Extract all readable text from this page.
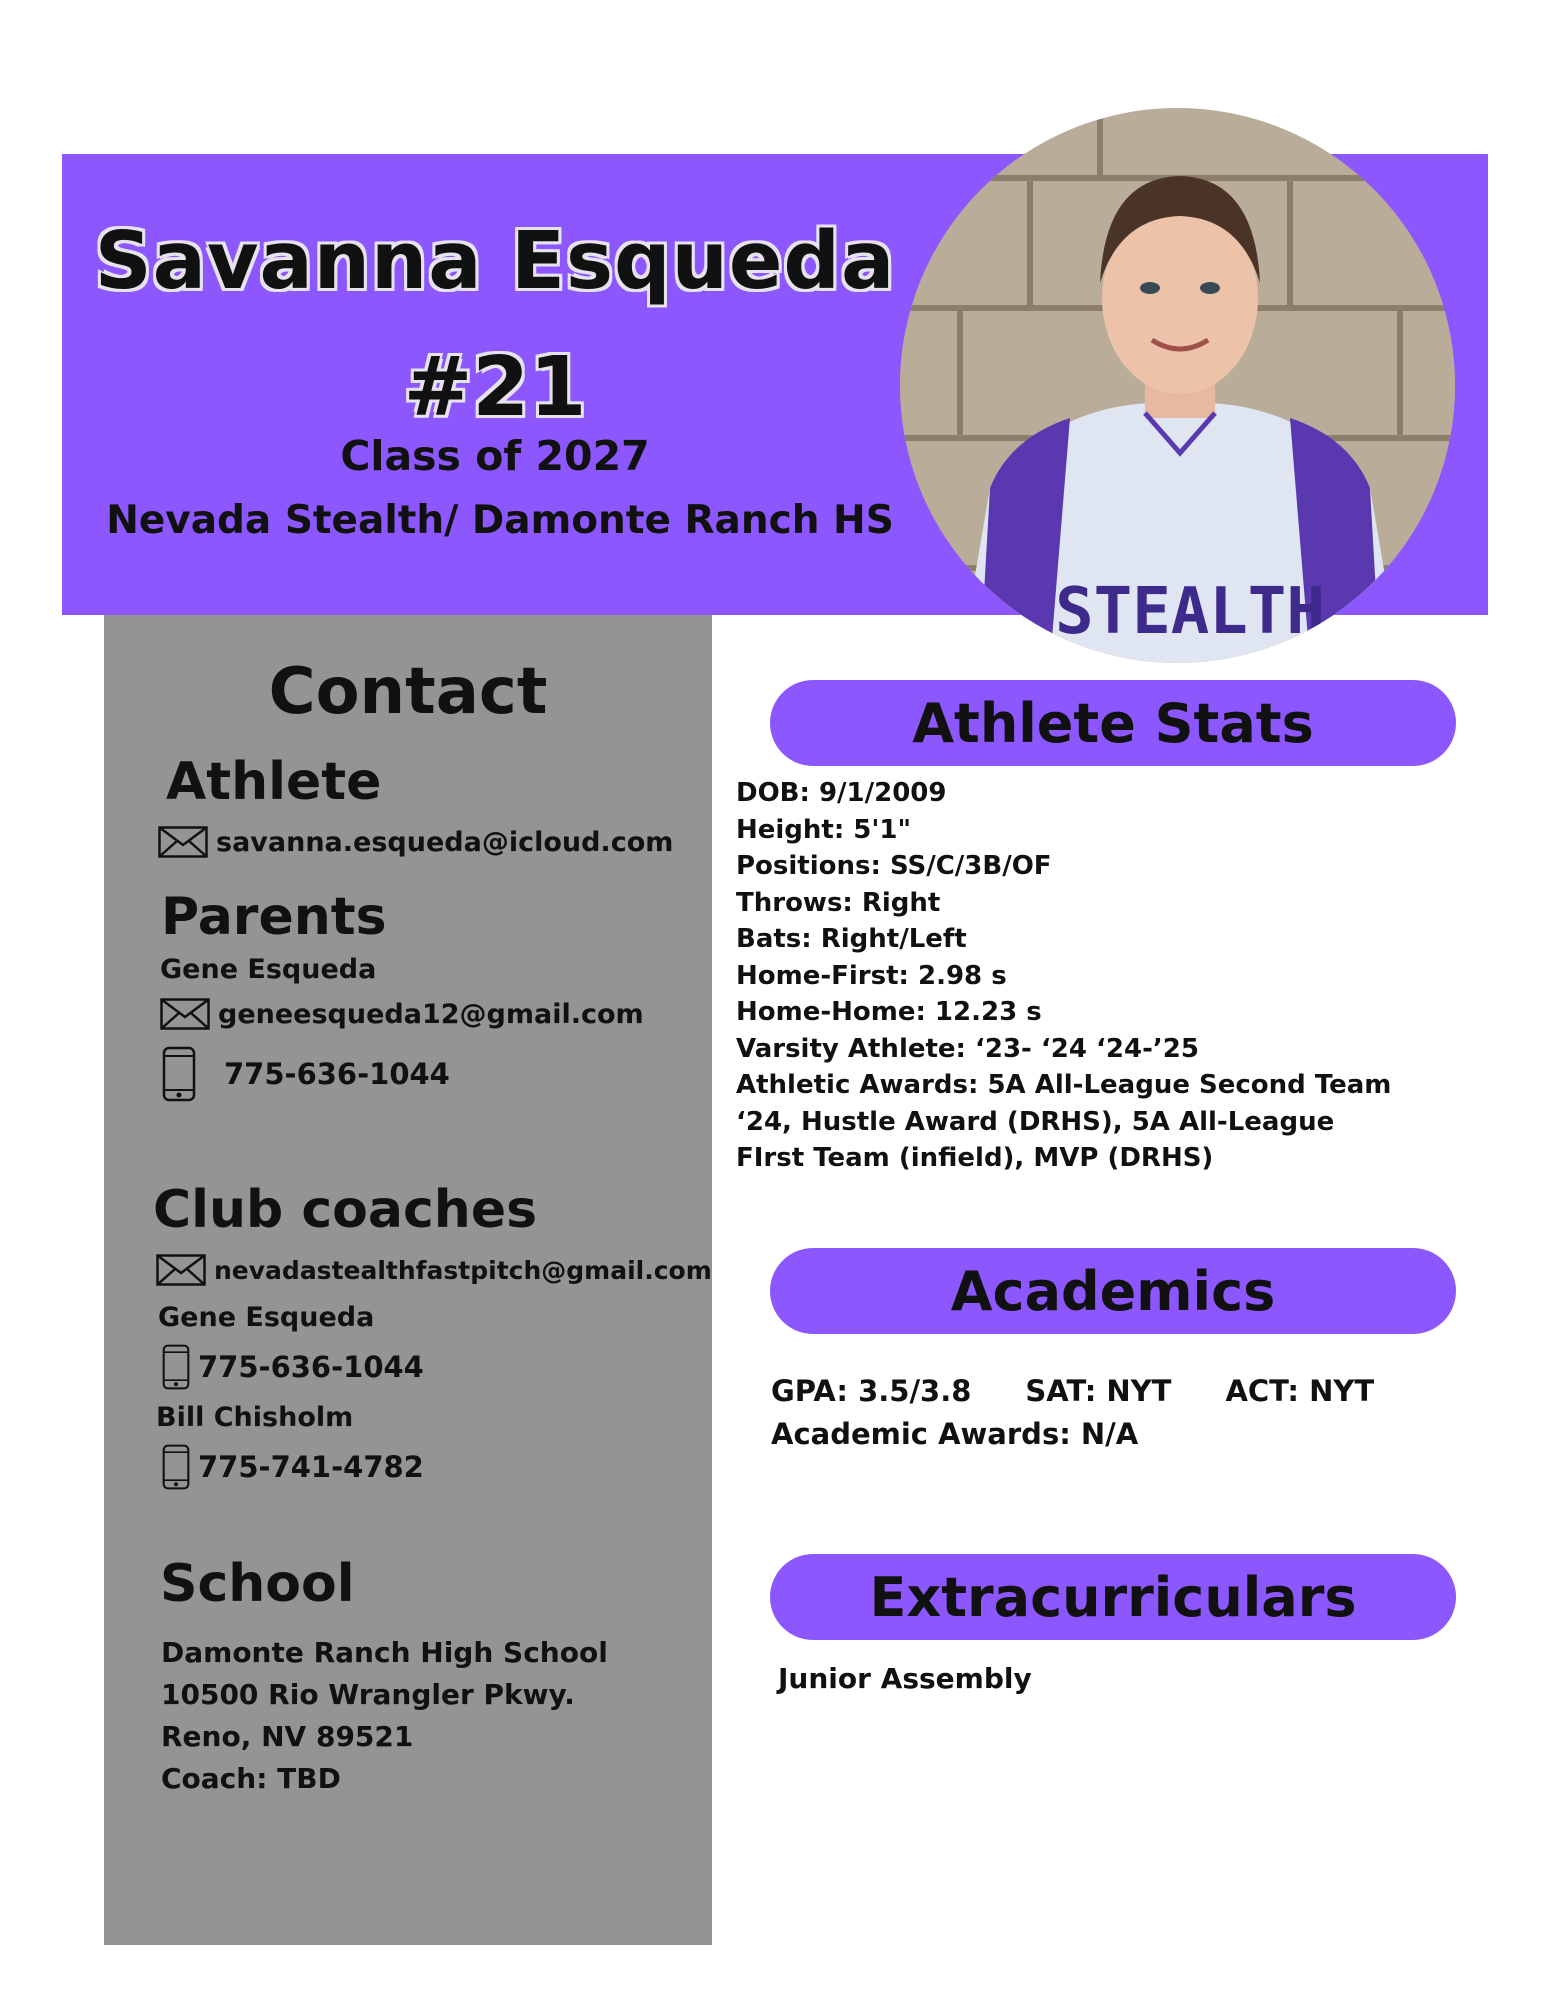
Savanna Esqueda
#21
Class of 2027
Nevada Stealth/ Damonte Ranch HS
STEALTH
Contact
Athlete
savanna.esqueda@icloud.com
Parents
Gene Esqueda
geneesqueda12@gmail.com
775-636-1044
Club coaches
nevadastealthfastpitch@gmail.com
Gene Esqueda
775-636-1044
Bill Chisholm
775-741-4782
School
Damonte Ranch High School
10500 Rio Wrangler Pkwy.
Reno, NV 89521
Coach: TBD
Athlete Stats
DOB: 9/1/2009
Height: 5'1"
Positions: SS/C/3B/OF
Throws: Right
Bats: Right/Left
Home-First: 2.98 s
Home-Home: 12.23 s
Varsity Athlete: ‘23- ‘24 ‘24-’25
Athletic Awards: 5A All-League Second Team
‘24, Hustle Award (DRHS), 5A All-League
FIrst Team (infield), MVP (DRHS)
Academics
GPA: 3.5/3.8 SAT: NYT ACT: NYT
Academic Awards: N/A
Extracurriculars
Junior Assembly
